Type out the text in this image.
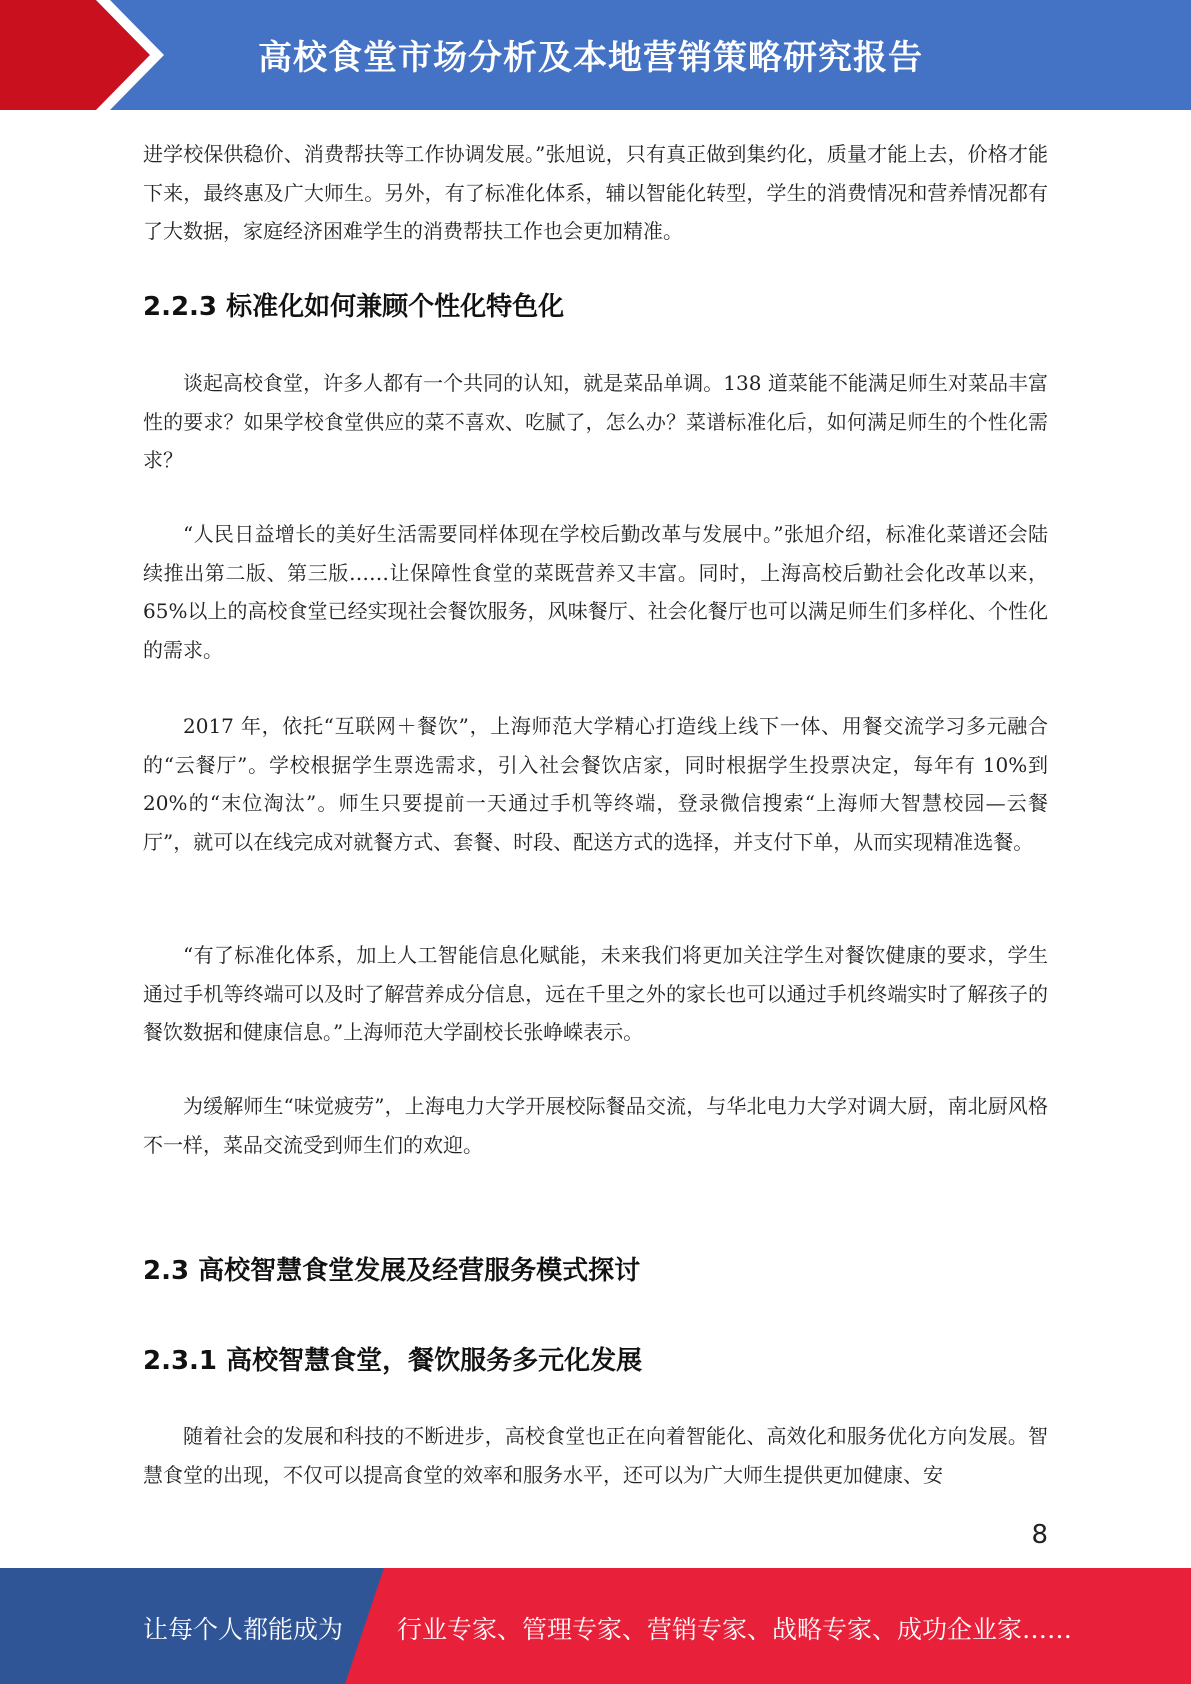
高校食堂市场分析及本地营销策略研究报告

进学校保供稳价、消费帮扶等工作协调发展。”张旭说，只有真正做到集约化，质量才能上去，价格才能下来，最终惠及广大师生。另外，有了标准化体系，辅以智能化转型，学生的消费情况和营养情况都有了大数据，家庭经济困难学生的消费帮扶工作也会更加精准。

2.2.3 标准化如何兼顾个性化特色化

谈起高校食堂，许多人都有一个共同的认知，就是菜品单调。138 道菜能不能满足师生对菜品丰富性的要求？如果学校食堂供应的菜不喜欢、吃腻了，怎么办？菜谱标准化后，如何满足师生的个性化需求？

“人民日益增长的美好生活需要同样体现在学校后勤改革与发展中。”张旭介绍，标准化菜谱还会陆续推出第二版、第三版……让保障性食堂的菜既营养又丰富。同时，上海高校后勤社会化改革以来，65%以上的高校食堂已经实现社会餐饮服务，风味餐厅、社会化餐厅也可以满足师生们多样化、个性化的需求。

2017 年，依托“互联网＋餐饮”，上海师范大学精心打造线上线下一体、用餐交流学习多元融合的“云餐厅”。学校根据学生票选需求，引入社会餐饮店家，同时根据学生投票决定，每年有 10%到 20%的“末位淘汰”。师生只要提前一天通过手机等终端，登录微信搜索“上海师大智慧校园—云餐厅”，就可以在线完成对就餐方式、套餐、时段、配送方式的选择，并支付下单，从而实现精准选餐。

“有了标准化体系，加上人工智能信息化赋能，未来我们将更加关注学生对餐饮健康的要求，学生通过手机等终端可以及时了解营养成分信息，远在千里之外的家长也可以通过手机终端实时了解孩子的餐饮数据和健康信息。”上海师范大学副校长张峥嵘表示。

为缓解师生“味觉疲劳”，上海电力大学开展校际餐品交流，与华北电力大学对调大厨，南北厨风格不一样，菜品交流受到师生们的欢迎。

2.3 高校智慧食堂发展及经营服务模式探讨
2.3.1 高校智慧食堂，餐饮服务多元化发展

随着社会的发展和科技的不断进步，高校食堂也正在向着智能化、高效化和服务优化方向发展。智慧食堂的出现，不仅可以提高食堂的效率和服务水平，还可以为广大师生提供更加健康、安

8
让每个人都能成为 行业专家、管理专家、营销专家、战略专家、成功企业家……
